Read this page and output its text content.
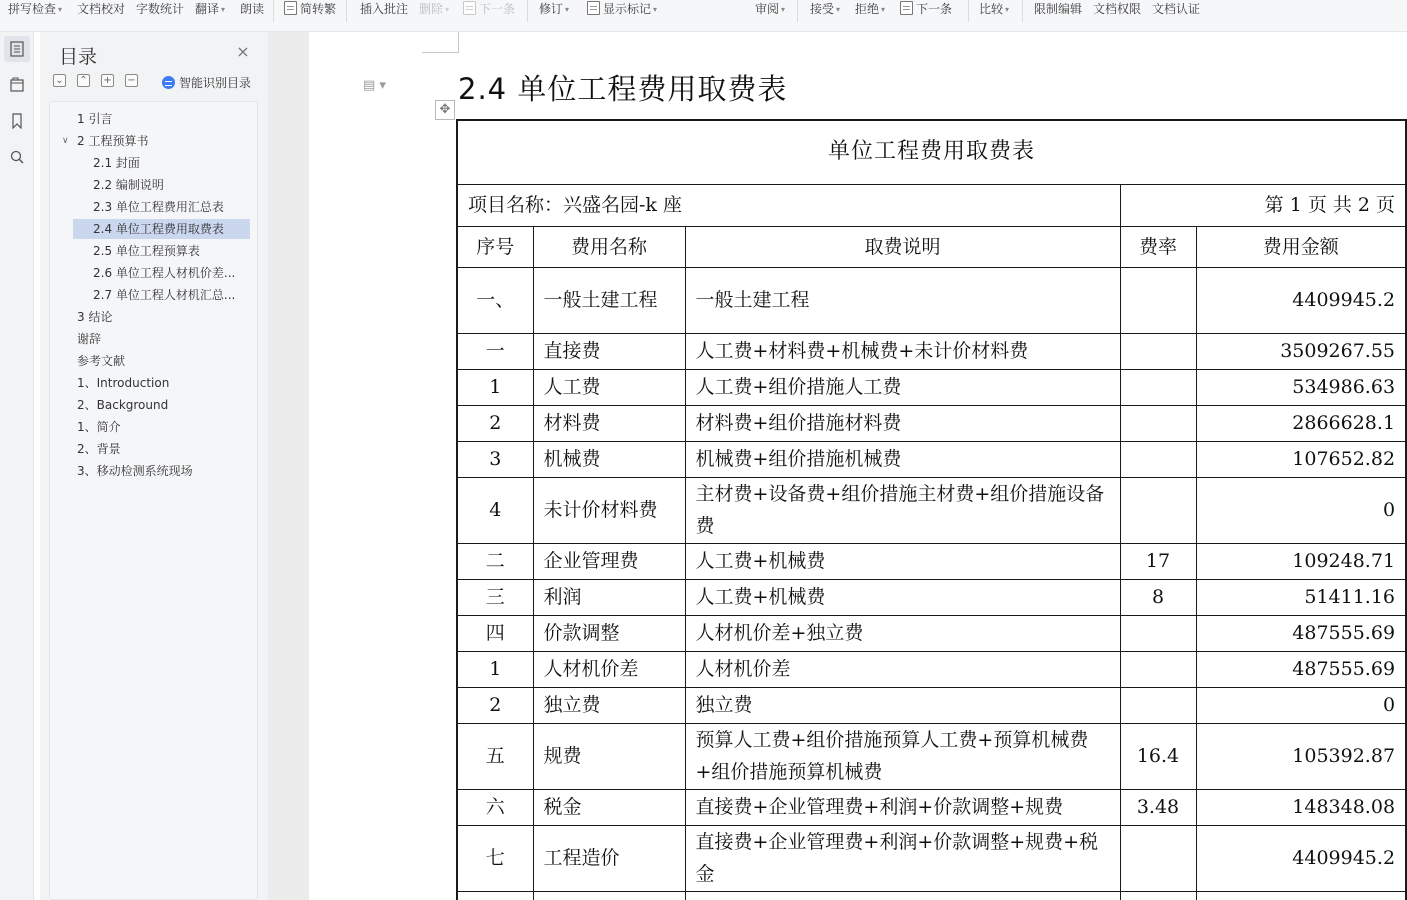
拼写检查 ▾ 文档校对 字数统计 翻译 ▾ 朗读	简转繁 插入批注 删除 ▾	下一条 修订 ▾	显示标记 ▾	审阅 ▾ 接受 ▾ 拒绝 ▾	下一条 比较 ▾ 限制编辑 文档权限 文档认证
目录	×
⌄ ⌃ + −	智能识别目录
1 引言
∨ 2 工程预算书
2.1 封面
2.2 编制说明
2.3 单位工程费用汇总表
2.4 单位工程费用取费表
2.5 单位工程预算表
2.6 单位工程人材机价差...
2.7 单位工程人材机汇总...
3 结论
谢辞
参考文献
1、Introduction
2、Background
1、简介
2、背景
3、移动检测系统现场
▤ ▾ 2.4 单位工程费用取费表
✥
单位工程费用取费表				
项目名称：兴盛名园-k 座			第 1 页 共 2 页	
序号	费用名称	取费说明	费率	费用金额
一、	一般土建工程	一般土建工程		4409945.2
一	直接费	人工费+材料费+机械费+未计价材料费		3509267.55
1	人工费	人工费+组价措施人工费		534986.63
2	材料费	材料费+组价措施材料费		2866628.1
3	机械费	机械费+组价措施机械费		107652.82
4	未计价材料费	主材费+设备费+组价措施主材费+组价措施设备费		0
二	企业管理费	人工费+机械费	17	109248.71
三	利润	人工费+机械费	8	51411.16
四	价款调整	人材机价差+独立费		487555.69
1	人材机价差	人材机价差		487555.69
2	独立费	独立费		0
五	规费	预算人工费+组价措施预算人工费+预算机械费+组价措施预算机械费	16.4	105392.87
六	税金	直接费+企业管理费+利润+价款调整+规费	3.48	148348.08
七	工程造价	直接费+企业管理费+利润+价款调整+规费+税金		4409945.2
